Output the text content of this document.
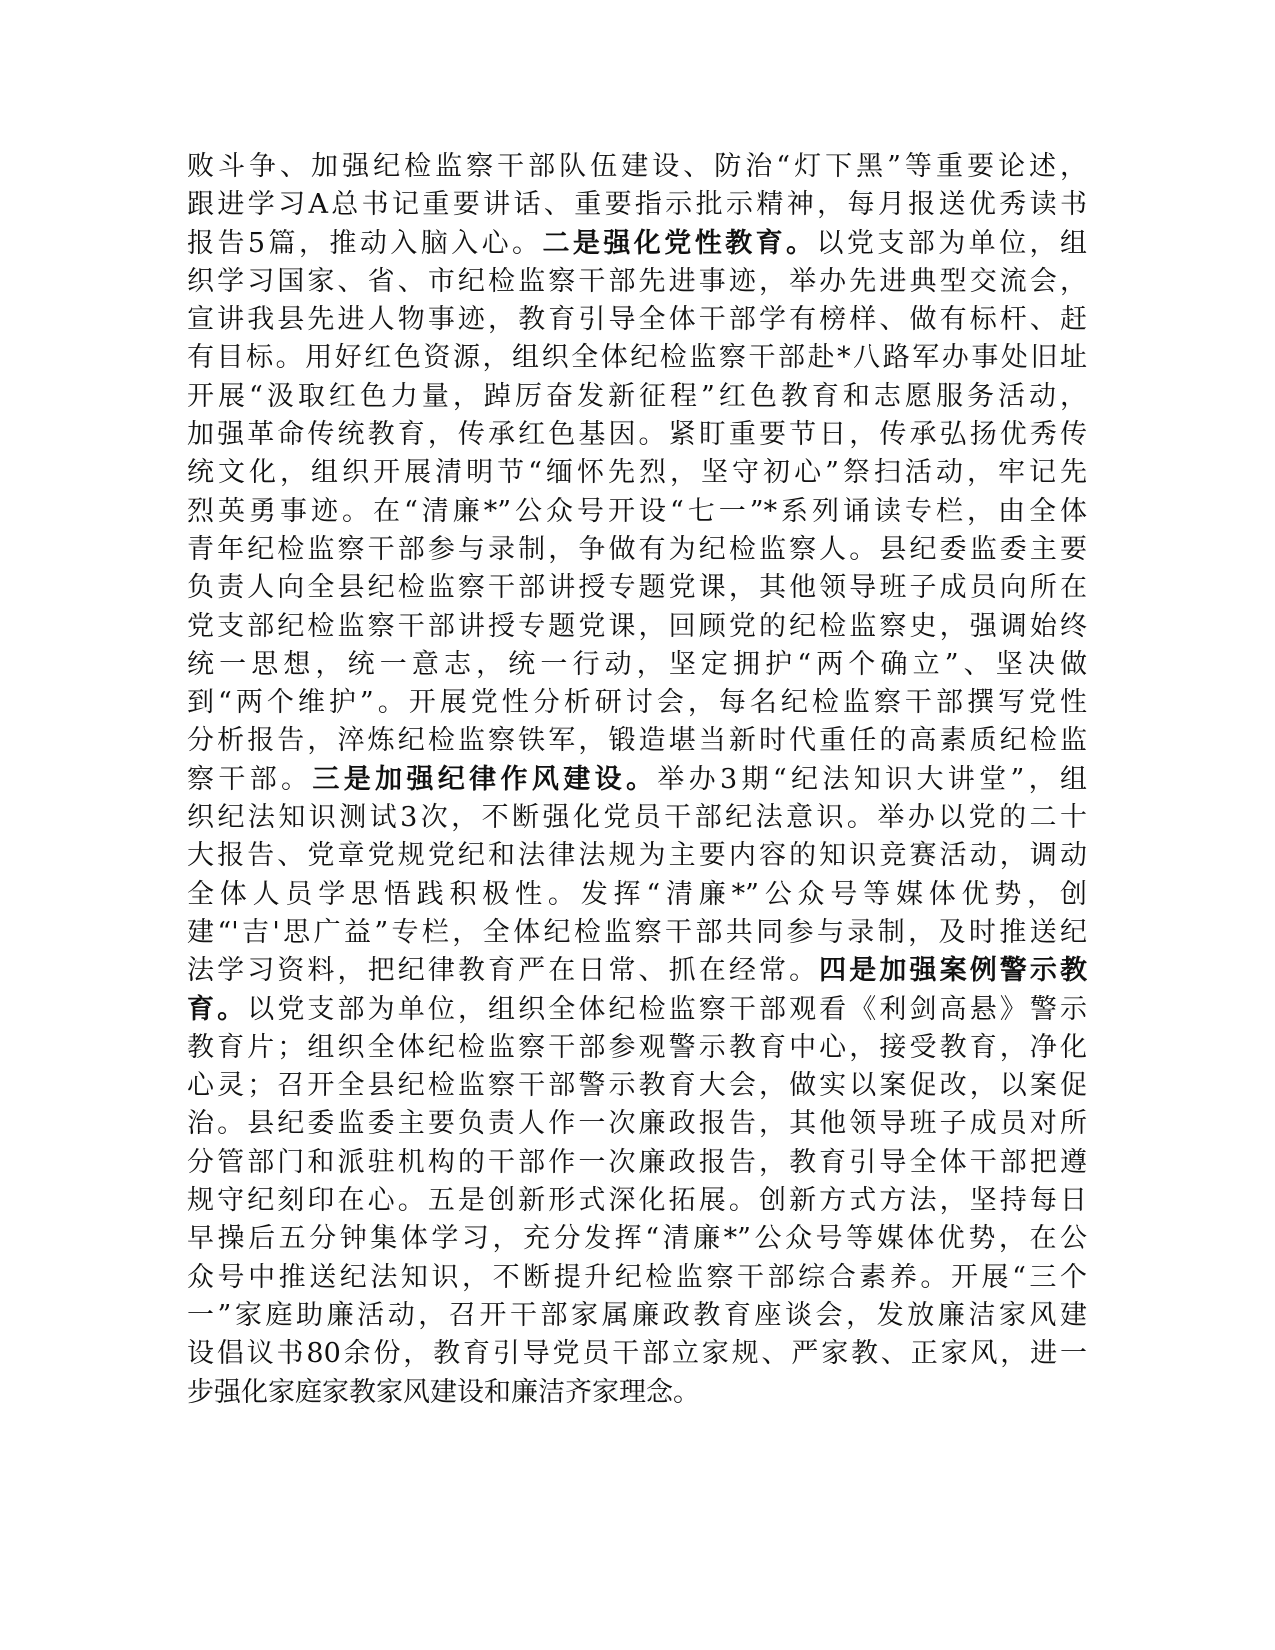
败斗争、加强纪检监察干部队伍建设、防治“灯下黑”等重要论述，
跟进学习A总书记重要讲话、重要指示批示精神，每月报送优秀读书
报告5篇，推动入脑入心。二是强化党性教育。以党支部为单位，组
织学习国家、省、市纪检监察干部先进事迹，举办先进典型交流会，
宣讲我县先进人物事迹，教育引导全体干部学有榜样、做有标杆、赶
有目标。用好红色资源，组织全体纪检监察干部赴*八路军办事处旧址
开展“汲取红色力量，踔厉奋发新征程”红色教育和志愿服务活动，
加强革命传统教育，传承红色基因。紧盯重要节日，传承弘扬优秀传
统文化，组织开展清明节“缅怀先烈，坚守初心”祭扫活动，牢记先
烈英勇事迹。在“清廉*”公众号开设“七一”*系列诵读专栏，由全体
青年纪检监察干部参与录制，争做有为纪检监察人。县纪委监委主要
负责人向全县纪检监察干部讲授专题党课，其他领导班子成员向所在
党支部纪检监察干部讲授专题党课，回顾党的纪检监察史，强调始终
统一思想，统一意志，统一行动，坚定拥护“两个确立”、坚决做
到“两个维护”。开展党性分析研讨会，每名纪检监察干部撰写党性
分析报告，淬炼纪检监察铁军，锻造堪当新时代重任的高素质纪检监
察干部。三是加强纪律作风建设。举办3期“纪法知识大讲堂”，组
织纪法知识测试3次，不断强化党员干部纪法意识。举办以党的二十
大报告、党章党规党纪和法律法规为主要内容的知识竞赛活动，调动
全体人员学思悟践积极性。发挥“清廉*”公众号等媒体优势，创
建“'吉'思广益”专栏，全体纪检监察干部共同参与录制，及时推送纪
法学习资料，把纪律教育严在日常、抓在经常。四是加强案例警示教
育。以党支部为单位，组织全体纪检监察干部观看《利剑高悬》警示
教育片；组织全体纪检监察干部参观警示教育中心，接受教育，净化
心灵；召开全县纪检监察干部警示教育大会，做实以案促改，以案促
治。县纪委监委主要负责人作一次廉政报告，其他领导班子成员对所
分管部门和派驻机构的干部作一次廉政报告，教育引导全体干部把遵
规守纪刻印在心。五是创新形式深化拓展。创新方式方法，坚持每日
早操后五分钟集体学习，充分发挥“清廉*”公众号等媒体优势，在公
众号中推送纪法知识，不断提升纪检监察干部综合素养。开展“三个
一”家庭助廉活动，召开干部家属廉政教育座谈会，发放廉洁家风建
设倡议书80余份，教育引导党员干部立家规、严家教、正家风，进一
步强化家庭家教家风建设和廉洁齐家理念。
